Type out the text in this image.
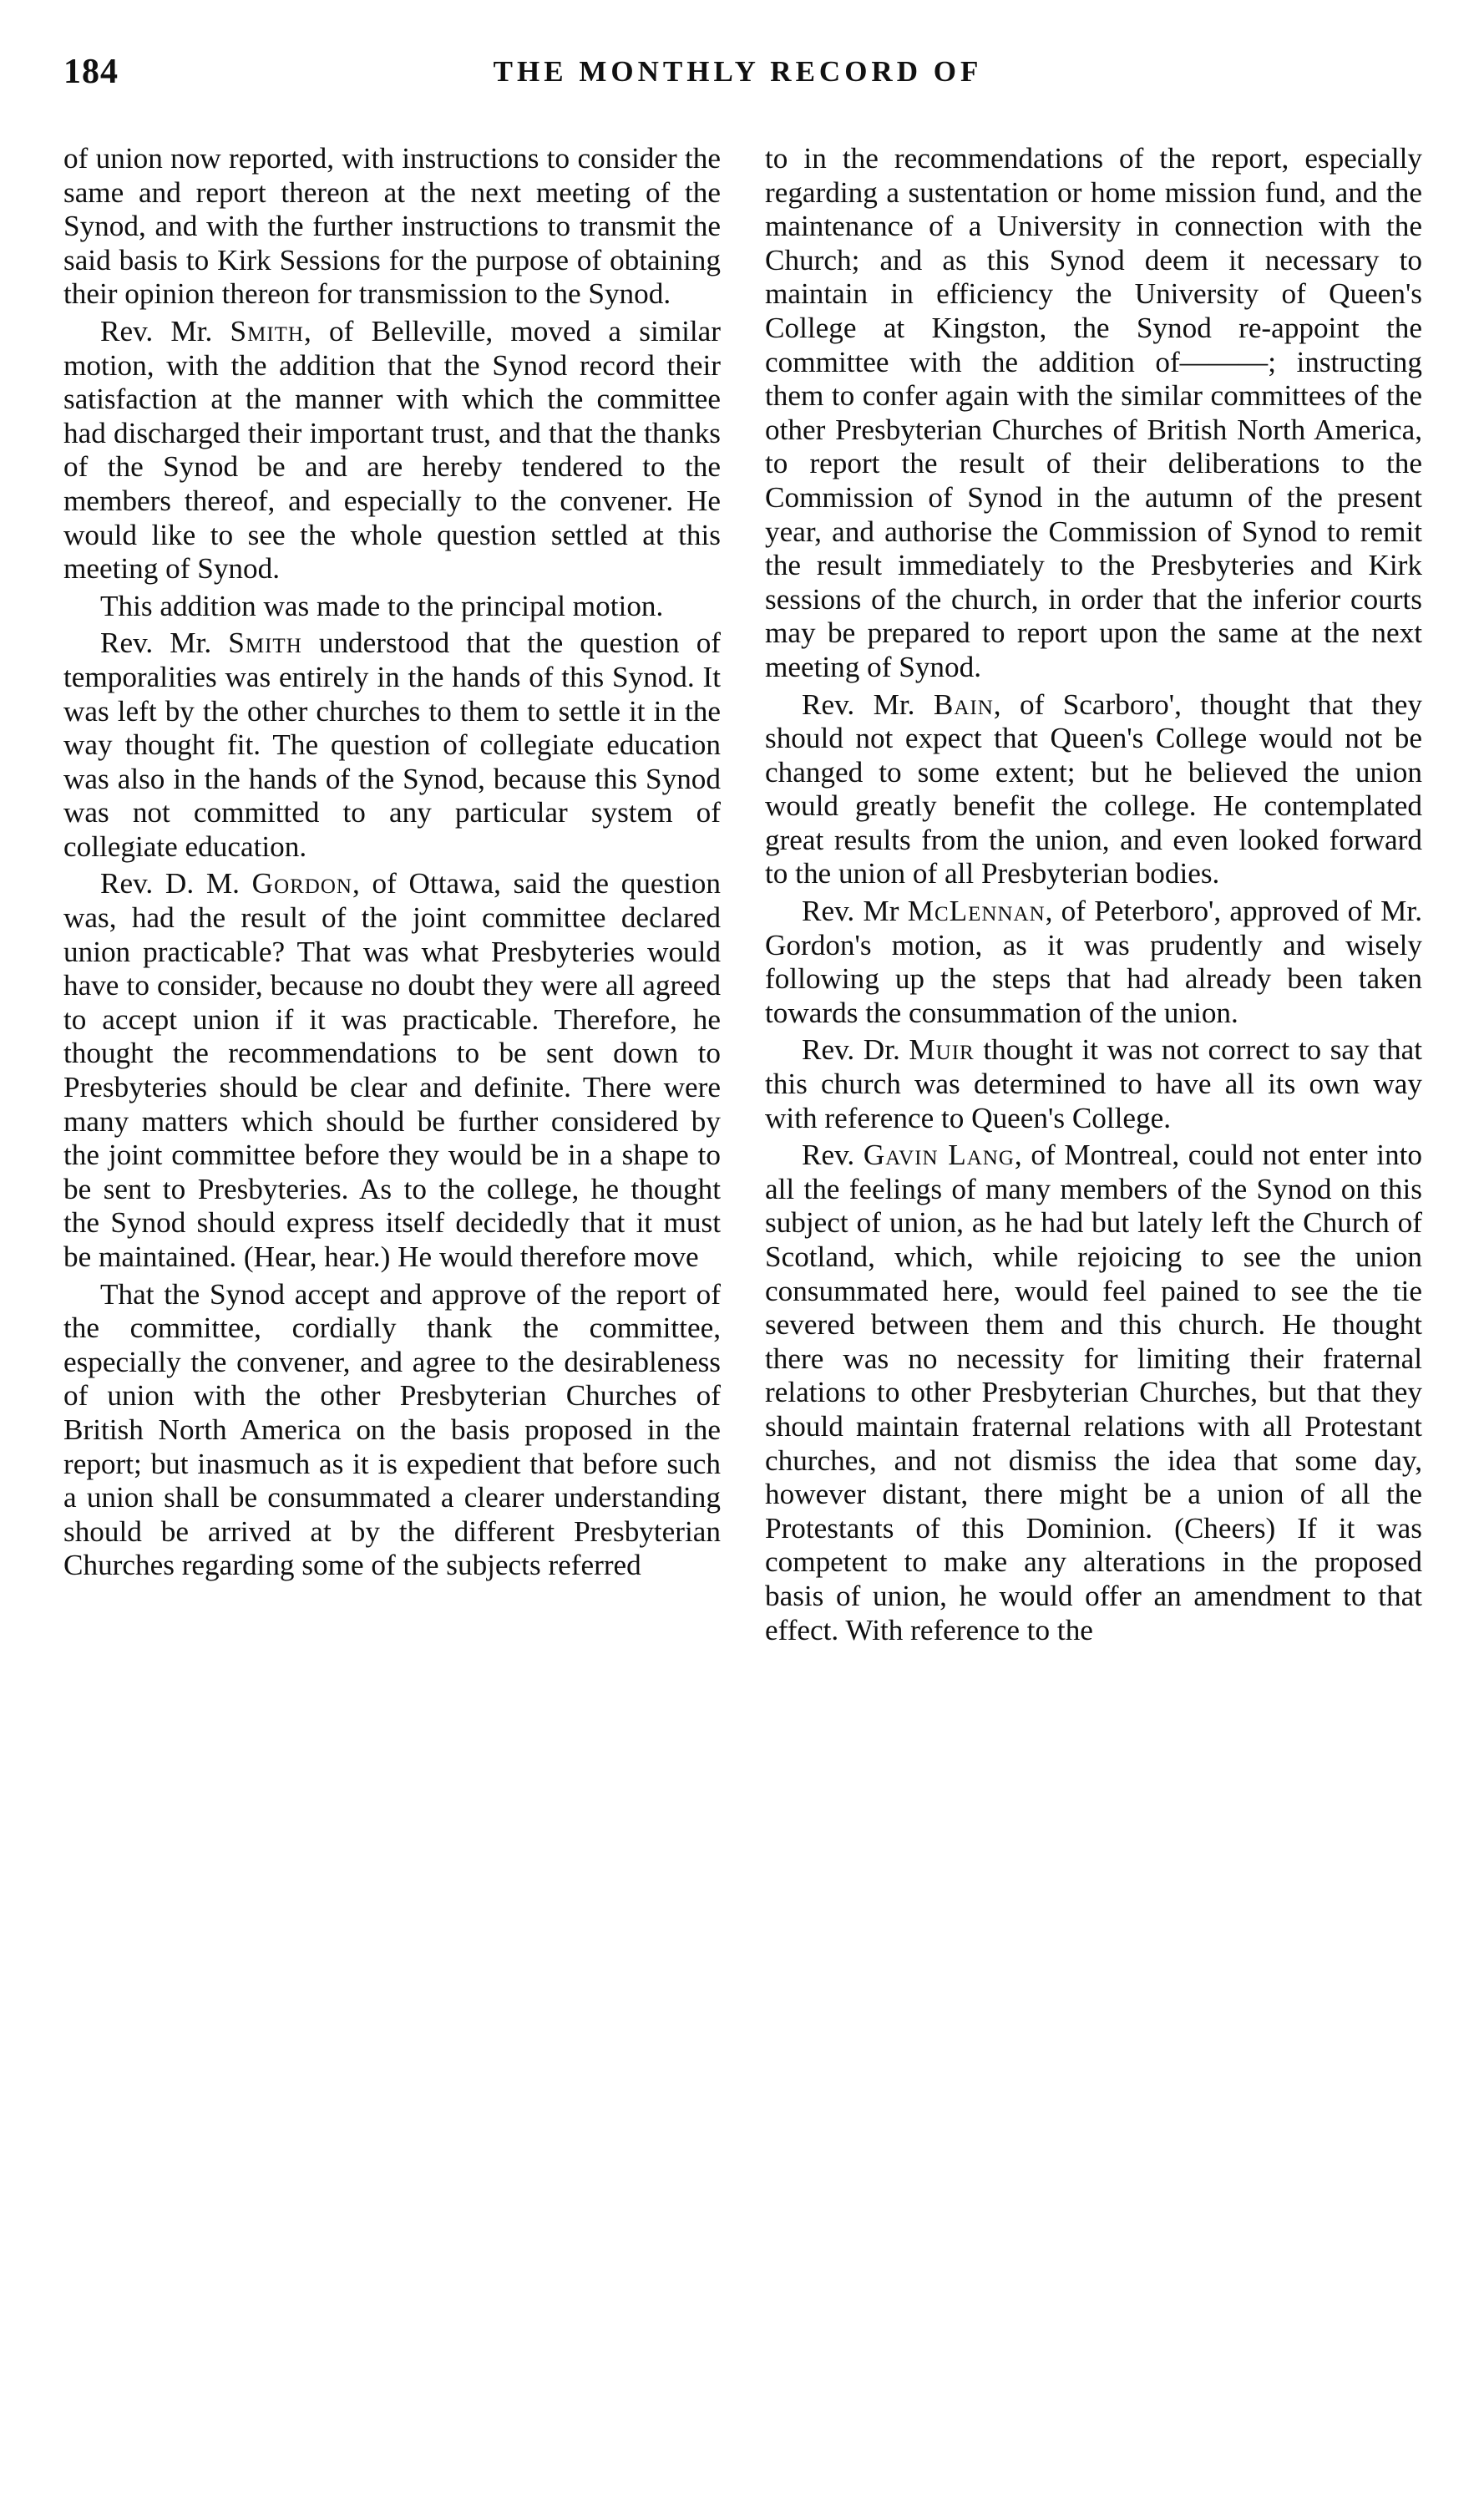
184	THE MONTHLY RECORD OF

of union now reported, with instructions to consider the same and report thereon at the next meeting of the Synod, and with the further instructions to transmit the said basis to Kirk Sessions for the purpose of obtaining their opinion thereon for transmission to the Synod.

Rev. Mr. Smith, of Belleville, moved a similar motion, with the addition that the Synod record their satisfaction at the manner with which the committee had discharged their important trust, and that the thanks of the Synod be and are hereby tendered to the members thereof, and especially to the convener. He would like to see the whole question settled at this meeting of Synod.

This addition was made to the principal motion.

Rev. Mr. Smith understood that the question of temporalities was entirely in the hands of this Synod. It was left by the other churches to them to settle it in the way thought fit. The question of collegiate education was also in the hands of the Synod, because this Synod was not committed to any particular system of collegiate education.

Rev. D. M. Gordon, of Ottawa, said the question was, had the result of the joint committee declared union practicable? That was what Presbyteries would have to consider, because no doubt they were all agreed to accept union if it was practicable. Therefore, he thought the recommendations to be sent down to Presbyteries should be clear and definite. There were many matters which should be further considered by the joint committee before they would be in a shape to be sent to Presbyteries. As to the college, he thought the Synod should express itself decidedly that it must be maintained. (Hear, hear.) He would therefore move

That the Synod accept and approve of the report of the committee, cordially thank the committee, especially the convener, and agree to the desirableness of union with the other Presbyterian Churches of British North America on the basis proposed in the report; but inasmuch as it is expedient that before such a union shall be consummated a clearer understanding should be arrived at by the different Presbyterian Churches regarding some of the subjects referred

to in the recommendations of the report, especially regarding a sustentation or home mission fund, and the maintenance of a University in connection with the Church; and as this Synod deem it necessary to maintain in efficiency the University of Queen's College at Kingston, the Synod re-appoint the committee with the addition of———; instructing them to confer again with the similar committees of the other Presbyterian Churches of British North America, to report the result of their deliberations to the Commission of Synod in the autumn of the present year, and authorise the Commission of Synod to remit the result immediately to the Presbyteries and Kirk sessions of the church, in order that the inferior courts may be prepared to report upon the same at the next meeting of Synod.

Rev. Mr. Bain, of Scarboro', thought that they should not expect that Queen's College would not be changed to some extent; but he believed the union would greatly benefit the college. He contemplated great results from the union, and even looked forward to the union of all Presbyterian bodies.

Rev. Mr McLennan, of Peterboro', approved of Mr. Gordon's motion, as it was prudently and wisely following up the steps that had already been taken towards the consummation of the union.

Rev. Dr. Muir thought it was not correct to say that this church was determined to have all its own way with reference to Queen's College.

Rev. Gavin Lang, of Montreal, could not enter into all the feelings of many members of the Synod on this subject of union, as he had but lately left the Church of Scotland, which, while rejoicing to see the union consummated here, would feel pained to see the tie severed between them and this church. He thought there was no necessity for limiting their fraternal relations to other Presbyterian Churches, but that they should maintain fraternal relations with all Protestant churches, and not dismiss the idea that some day, however distant, there might be a union of all the Protestants of this Dominion. (Cheers) If it was competent to make any alterations in the proposed basis of union, he would offer an amendment to that effect. With reference to the
